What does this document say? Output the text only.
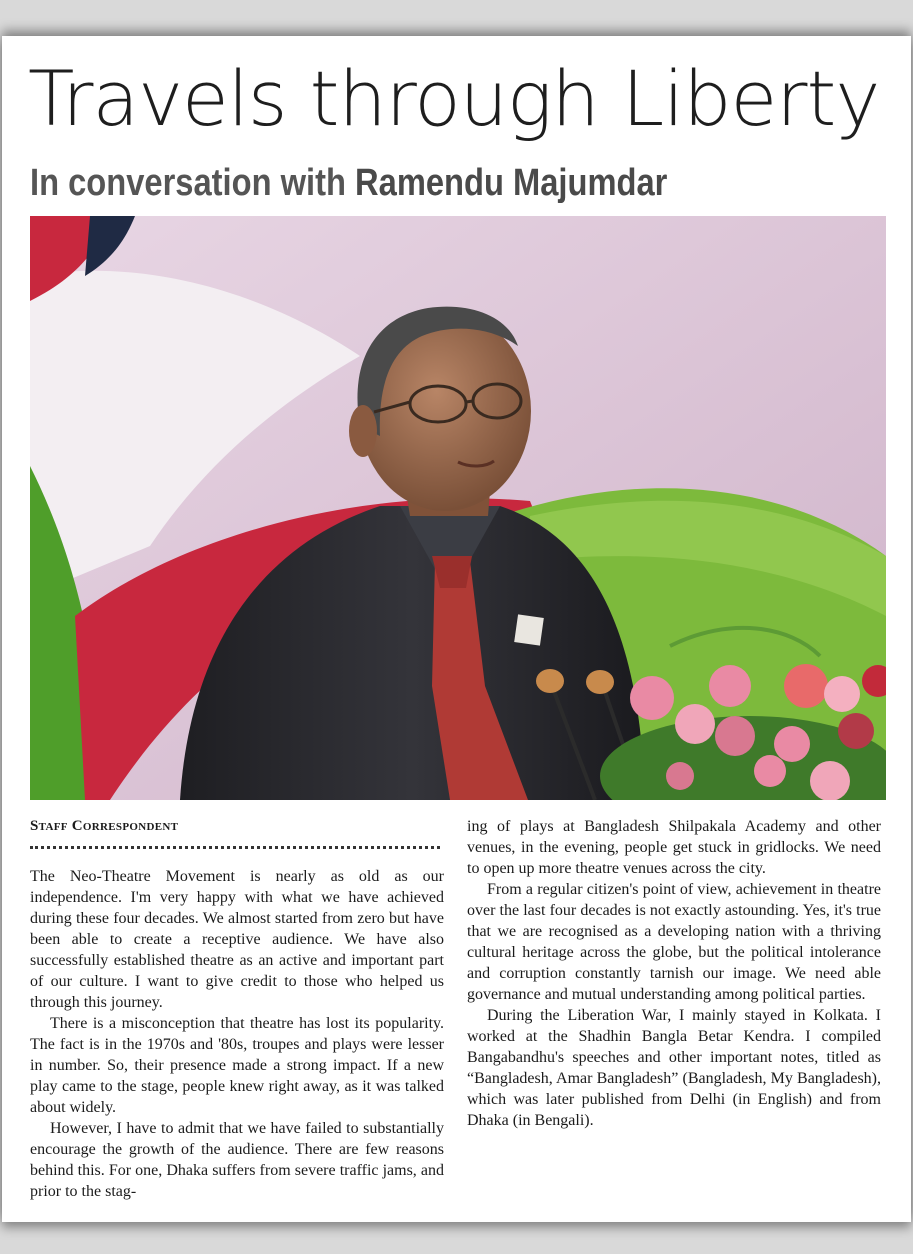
Travels through Liberty
In conversation with Ramendu Majumdar
Staff Correspondent

The Neo-Theatre Movement is nearly as old as our independence. I'm very happy with what we have achieved during these four decades. We almost started from zero but have been able to create a receptive audience. We have also successfully established theatre as an active and important part of our culture. I want to give credit to those who helped us through this journey.

There is a misconception that theatre has lost its popularity. The fact is in the 1970s and '80s, troupes and plays were lesser in number. So, their presence made a strong impact. If a new play came to the stage, people knew right away, as it was talked about widely.

However, I have to admit that we have failed to substantially encourage the growth of the audience. There are few reasons behind this. For one, Dhaka suffers from severe traffic jams, and prior to the stag-

ing of plays at Bangladesh Shilpakala Academy and other venues, in the evening, people get stuck in gridlocks. We need to open up more theatre venues across the city.

From a regular citizen's point of view, achievement in theatre over the last four decades is not exactly astounding. Yes, it's true that we are recognised as a developing nation with a thriving cultural heritage across the globe, but the political intolerance and corruption constantly tarnish our image. We need able governance and mutual understanding among political parties.

During the Liberation War, I mainly stayed in Kolkata. I worked at the Shadhin Bangla Betar Kendra. I compiled Bangabandhu's speeches and other important notes, titled as “Bangladesh, Amar Bangladesh” (Bangladesh, My Bangladesh), which was later published from Delhi (in English) and from Dhaka (in Bengali).
